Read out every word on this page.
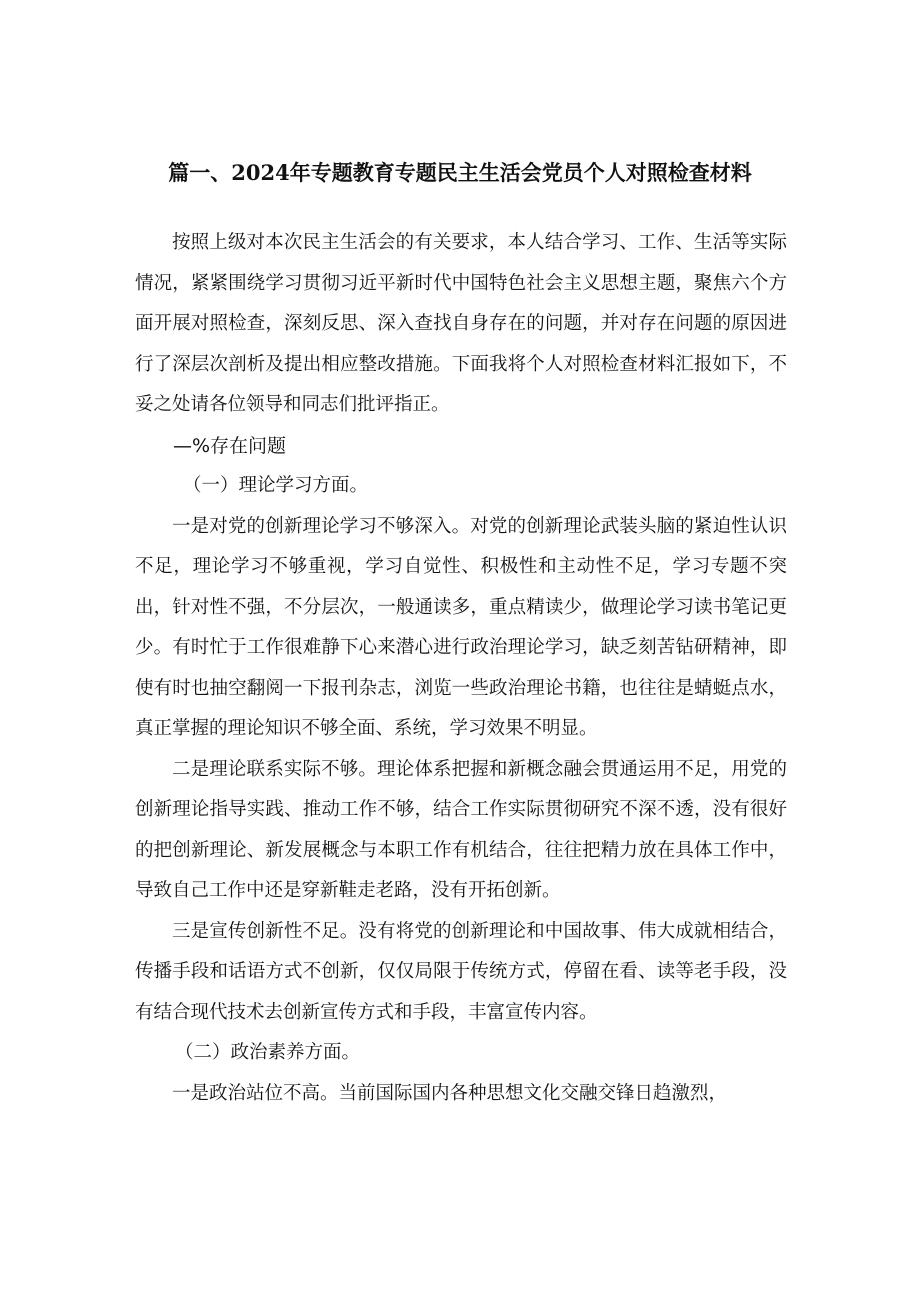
篇一、2024年专题教育专题民主生活会党员个人对照检查材料

按照上级对本次民主生活会的有关要求，本人结合学习、工作、生活等实际情况，紧紧围绕学习贯彻习近平新时代中国特色社会主义思想主题，聚焦六个方面开展对照检查，深刻反思、深入查找自身存在的问题，并对存在问题的原因进行了深层次剖析及提出相应整改措施。下面我将个人对照检查材料汇报如下，不妥之处请各位领导和同志们批评指正。

—%存在问题

（一）理论学习方面。

一是对党的创新理论学习不够深入。对党的创新理论武装头脑的紧迫性认识不足，理论学习不够重视，学习自觉性、积极性和主动性不足，学习专题不突出，针对性不强，不分层次，一般通读多，重点精读少，做理论学习读书笔记更少。有时忙于工作很难静下心来潜心进行政治理论学习，缺乏刻苦钻研精神，即使有时也抽空翻阅一下报刊杂志，浏览一些政治理论书籍，也往往是蜻蜓点水，真正掌握的理论知识不够全面、系统，学习效果不明显。

二是理论联系实际不够。理论体系把握和新概念融会贯通运用不足，用党的创新理论指导实践、推动工作不够，结合工作实际贯彻研究不深不透，没有很好的把创新理论、新发展概念与本职工作有机结合，往往把精力放在具体工作中，导致自己工作中还是穿新鞋走老路，没有开拓创新。

三是宣传创新性不足。没有将党的创新理论和中国故事、伟大成就相结合，传播手段和话语方式不创新，仅仅局限于传统方式，停留在看、读等老手段，没有结合现代技术去创新宣传方式和手段，丰富宣传内容。

（二）政治素养方面。

一是政治站位不高。当前国际国内各种思想文化交融交锋日趋激烈，
